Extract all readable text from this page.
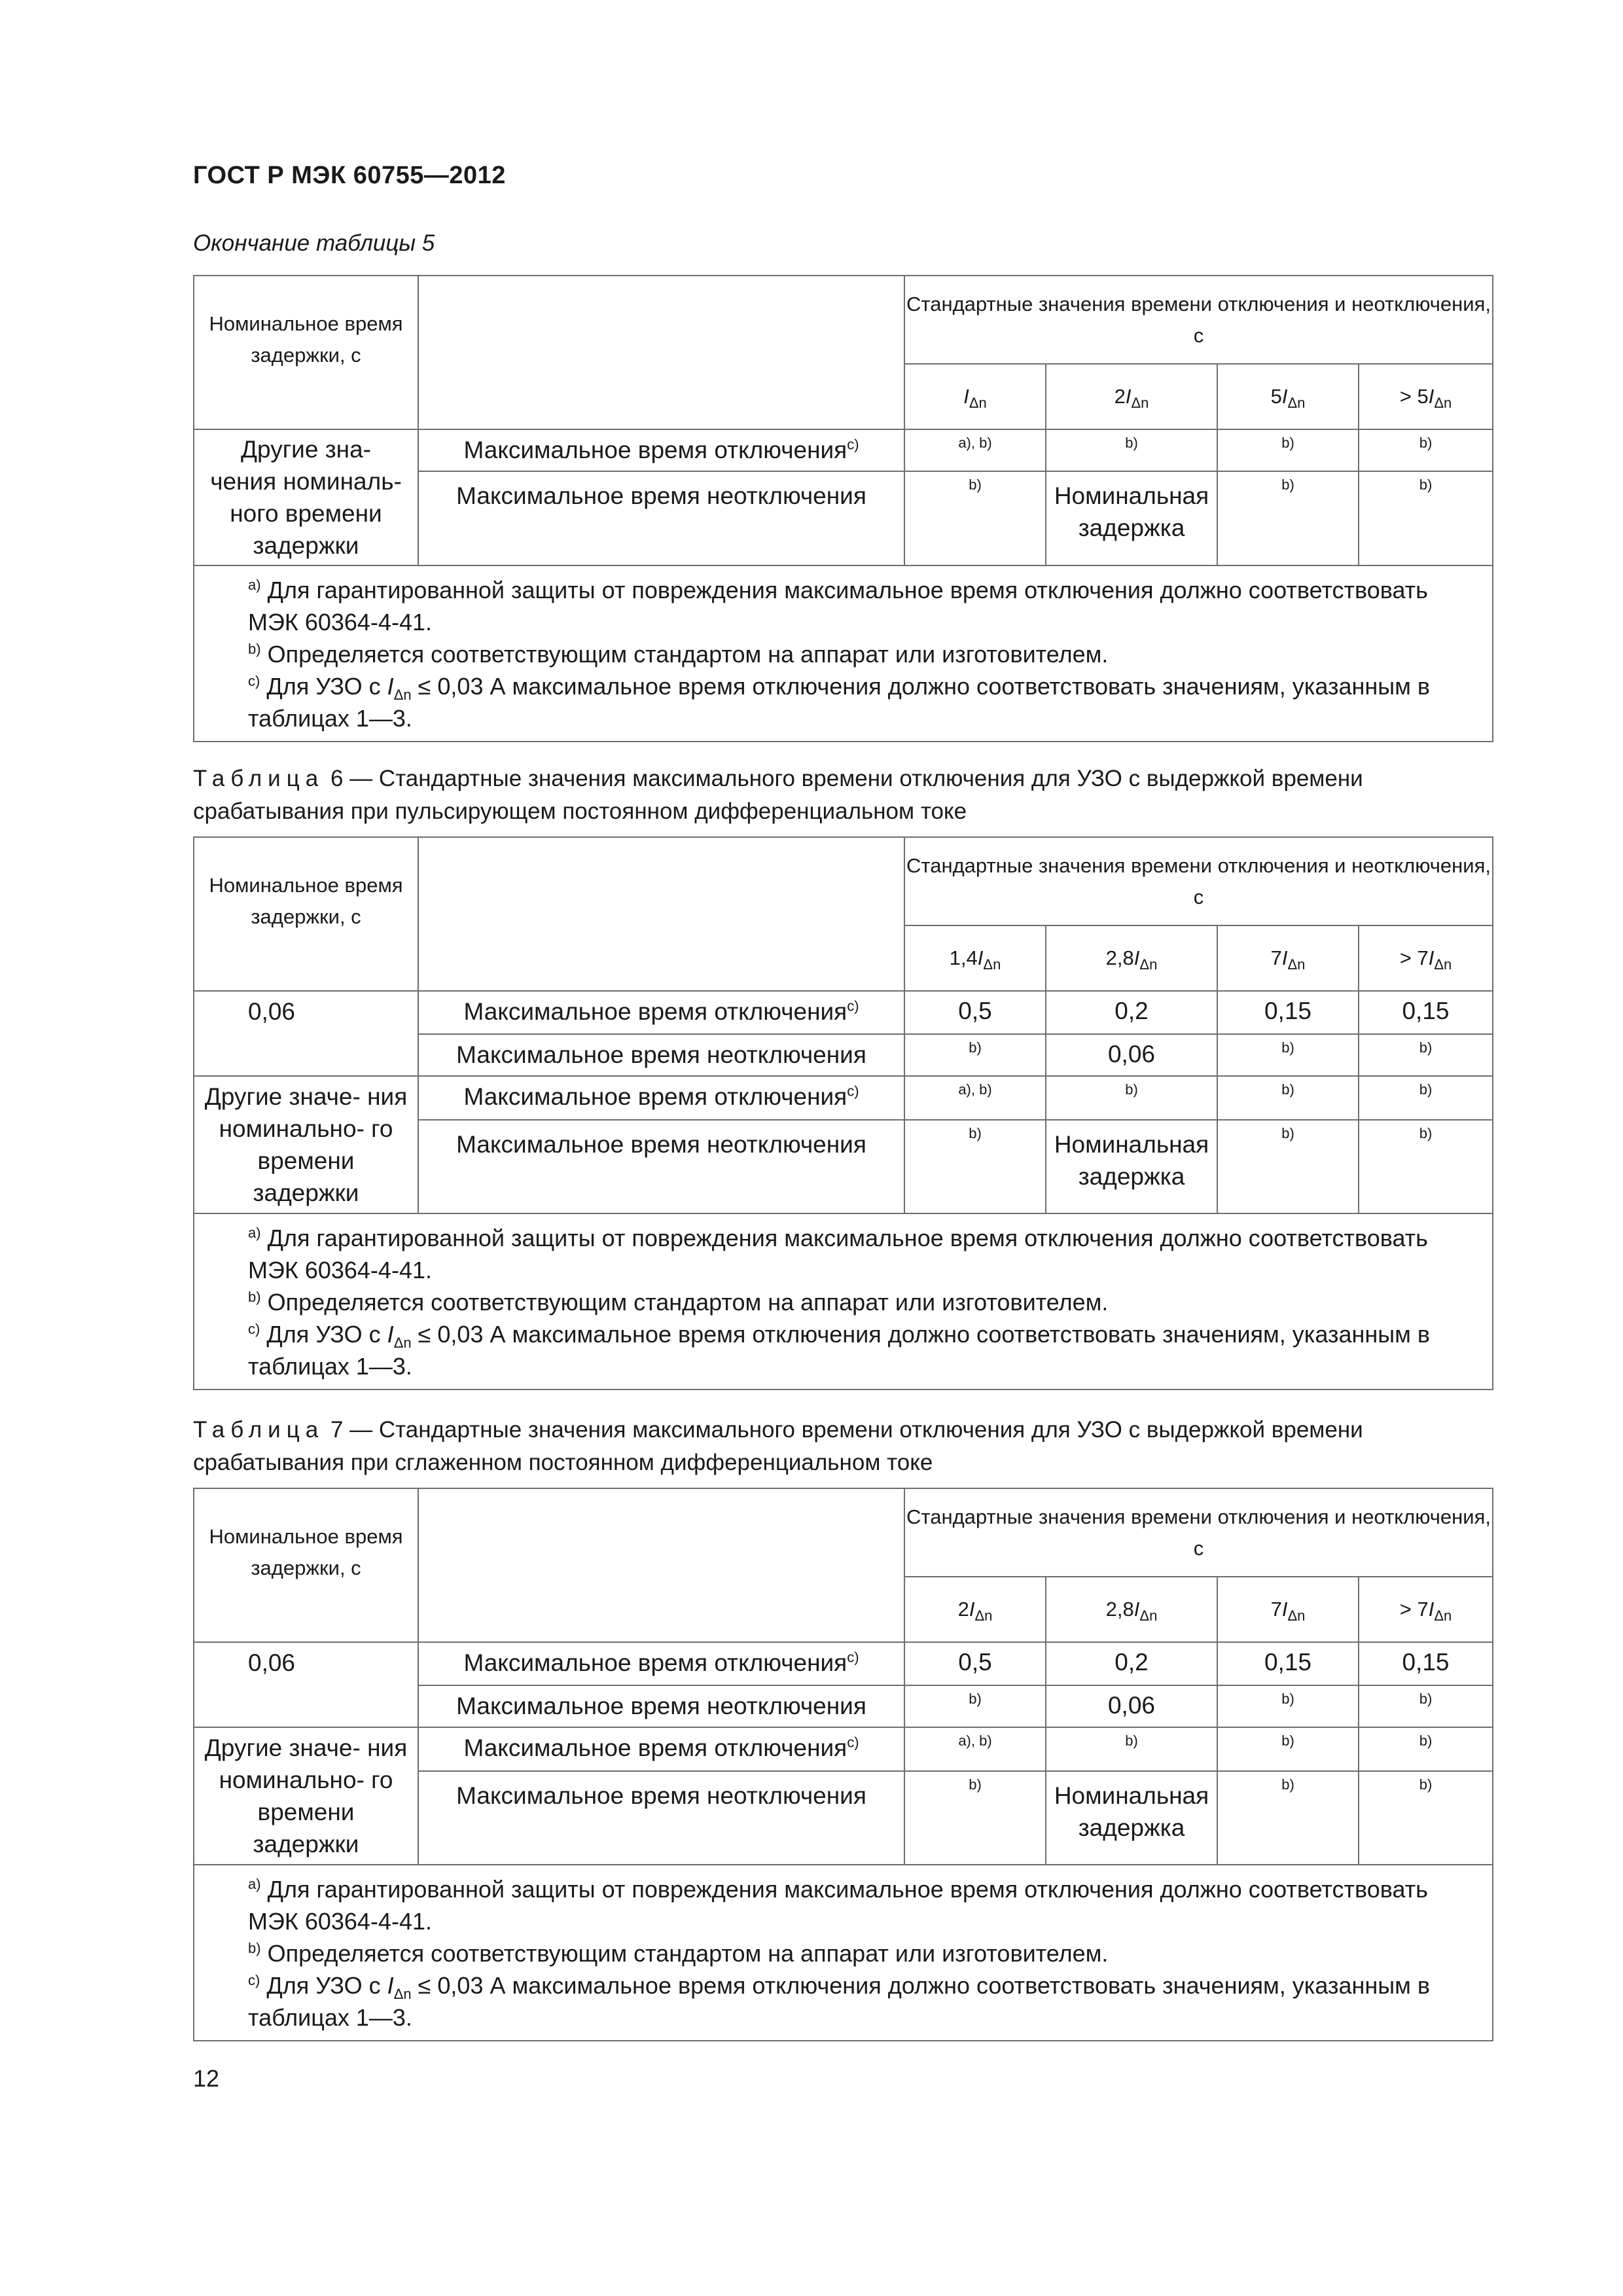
ГОСТ Р МЭК 60755—2012
Окончание таблицы 5
Номинальное время задержки, с		Стандартные значения времени отключения и неотключения, с			
		$I_{\Delta n}$	$2I_{\Delta n}$	$5I_{\Delta n}$	> $5I_{\Delta n}$
Другие зна- чения номиналь- ного времени задержки	Максимальное время отключения$^{c)}$	a), b)	b)	b)	b)
	Максимальное время неотключения	b)	Номинальная задержка	b)	b)

$^{a)}$ Для гарантированной защиты от повреждения максимальное время отключения должно соответствовать МЭК 60364-4-41.
$^{b)}$ Определяется соответствующим стандартом на аппарат или изготовителем.
$^{c)}$ Для УЗО с $I_{\Delta n} \le 0,03$ А максимальное время отключения должно соответствовать значениям, указанным в таблицах 1—3.					
Таблица 6 — Стандартные значения максимального времени отключения для УЗО с выдержкой времени срабатывания при пульсирующем постоянном дифференциальном токе
Номинальное время задержки, с		Стандартные значения времени отключения и неотключения, с			
		$1,4I_{\Delta n}$	$2,8I_{\Delta n}$	$7I_{\Delta n}$	> $7I_{\Delta n}$
0,06	Максимальное время отключения$^{c)}$	0,5	0,2	0,15	0,15
	Максимальное время неотключения	b)	0,06	b)	b)
Другие значе- ния номинально- го времени задержки	Максимальное время отключения$^{c)}$	a), b)	b)	b)	b)
	Максимальное время неотключения	b)	Номинальная задержка	b)	b)

$^{a)}$ Для гарантированной защиты от повреждения максимальное время отключения должно соответствовать МЭК 60364-4-41.
$^{b)}$ Определяется соответствующим стандартом на аппарат или изготовителем.
$^{c)}$ Для УЗО с $I_{\Delta n} \le 0,03$ А максимальное время отключения должно соответствовать значениям, указанным в таблицах 1—3.					
Таблица 7 — Стандартные значения максимального времени отключения для УЗО с выдержкой времени срабатывания при сглаженном постоянном дифференциальном токе
Номинальное время задержки, с		Стандартные значения времени отключения и неотключения, с			
		$2I_{\Delta n}$	$2,8I_{\Delta n}$	$7I_{\Delta n}$	> $7I_{\Delta n}$
0,06	Максимальное время отключения$^{c)}$	0,5	0,2	0,15	0,15
	Максимальное время неотключения	b)	0,06	b)	b)
Другие значе- ния номинально- го времени задержки	Максимальное время отключения$^{c)}$	a), b)	b)	b)	b)
	Максимальное время неотключения	b)	Номинальная задержка	b)	b)

$^{a)}$ Для гарантированной защиты от повреждения максимальное время отключения должно соответствовать МЭК 60364-4-41.
$^{b)}$ Определяется соответствующим стандартом на аппарат или изготовителем.
$^{c)}$ Для УЗО с $I_{\Delta n} \le 0,03$ А максимальное время отключения должно соответствовать значениям, указанным в таблицах 1—3.					
12
